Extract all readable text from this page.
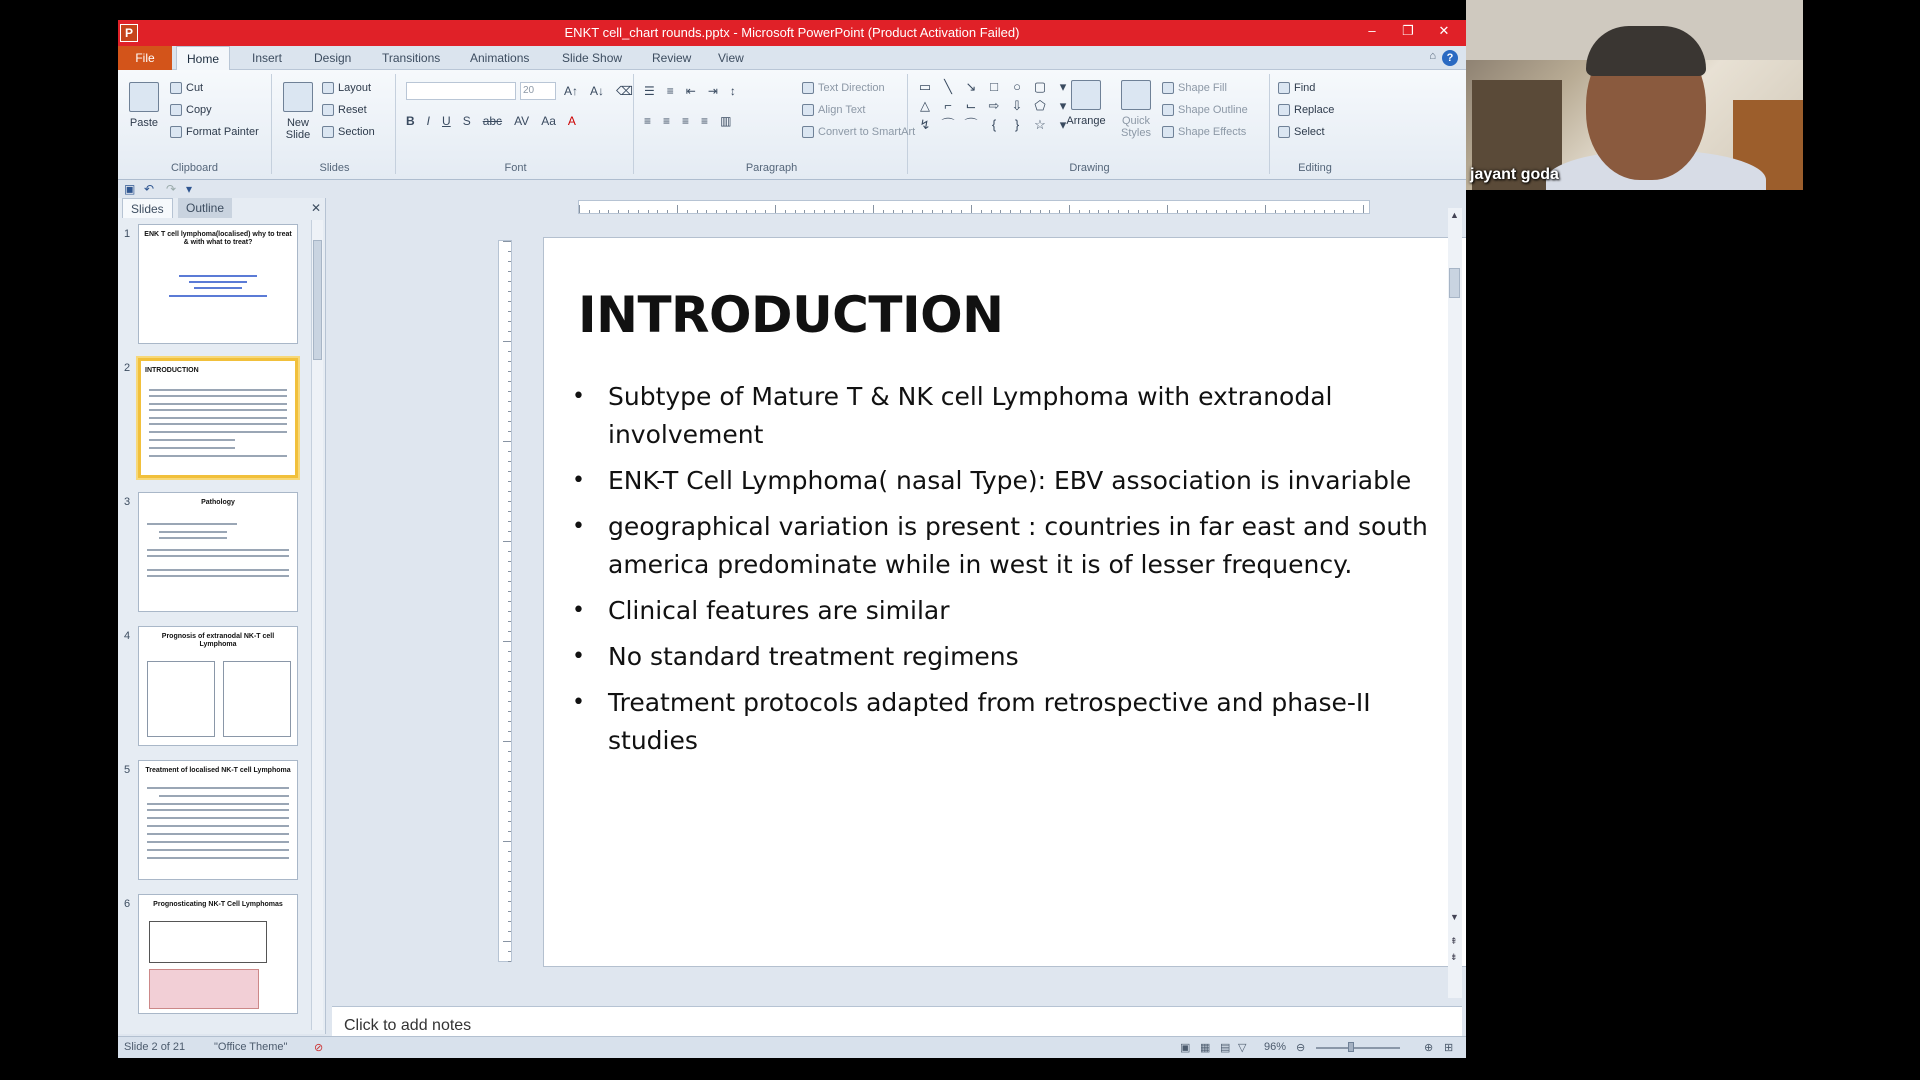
P	ENKT cell_chart rounds.pptx - Microsoft PowerPoint (Product Activation Failed)	–	❐	✕
File	Home	Insert	Design	Transitions Animations	Slide Show Review View	⌂ ?
Paste
Cut
Copy
Format Painter
Clipboard
New Slide
Layout
Reset
Section
Slides
20	A↑ A↓ ⌫
B I U S abc AV Aa A
Font
☰ ≡ ⇤ ⇥ ↕
≡ ≡ ≡ ≡ ▥
Text Direction
Align Text
Convert to SmartArt
Paragraph
▭ ╲	↘	□	○ ▢	▾
△	⌐	⌙ ⇨ ⇩ ⬠	▾
↯ ⌒ ⌒	{	}	☆	▾ Arrange	Quick Styles
Shape Fill
Shape Outline
Shape Effects
Drawing
Find
Replace
Select
Editing
▣ ↶ ↷ ▾
Slides	Outline	✕
1 ENK T cell lymphoma(localised) why to treat & with what to treat?
2 INTRODUCTION
3	Pathology
4	Prognosis of extranodal NK-T cell Lymphoma
5	Treatment of localised NK-T cell Lymphoma
6	Prognosticating NK-T Cell Lymphomas
INTRODUCTION
• Subtype of Mature T & NK cell Lymphoma with extranodal involvement
• ENK-T Cell Lymphoma( nasal Type): EBV association is invariable
• geographical variation is present : countries in far east and south america predominate while in west it is of lesser frequency.
• Clinical features are similar
• No standard treatment regimens
• Treatment protocols adapted from retrospective and phase-II studies
▲
▼
⇞
⇟
Click to add notes
Slide 2 of 21	"Office Theme" ⊘	▣ ▦ ▤ ▽ 96% ⊖	⊕ ⊞
jayant goda
